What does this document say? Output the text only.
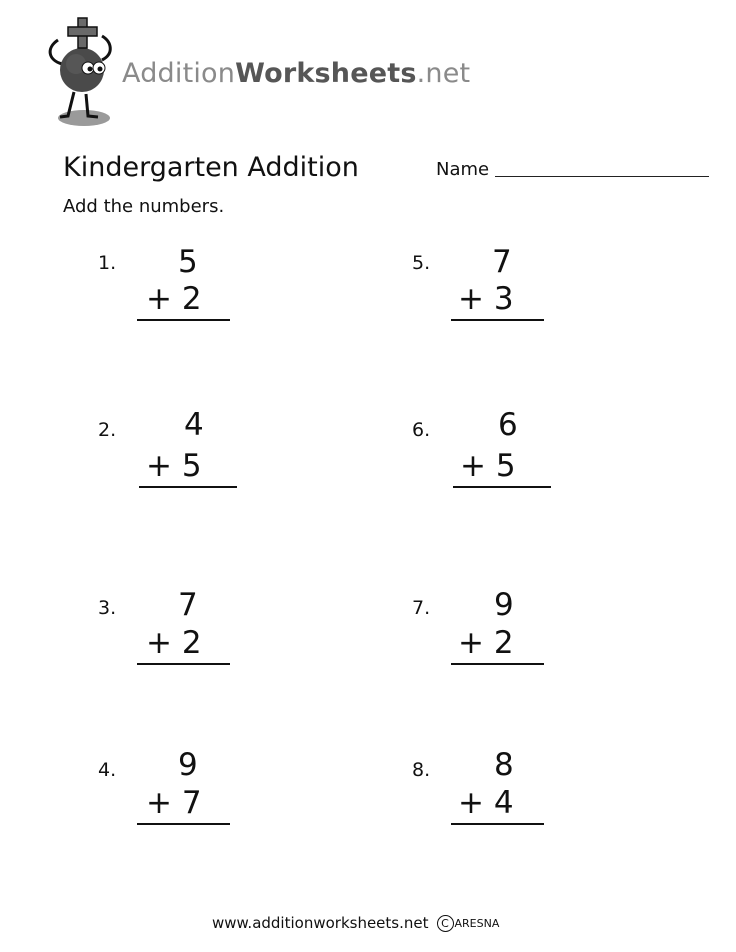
AdditionWorksheets.net
Kindergarten Addition	Name
Add the numbers.
1. 5
+ 2
2. 4
+ 5
3. 7
+ 2
4. 9
+ 7
5. 7
+ 3
6. 6
+ 5
7. 9
+ 2
8. 8
+ 4
www.additionworksheets.net	C ARESNA
